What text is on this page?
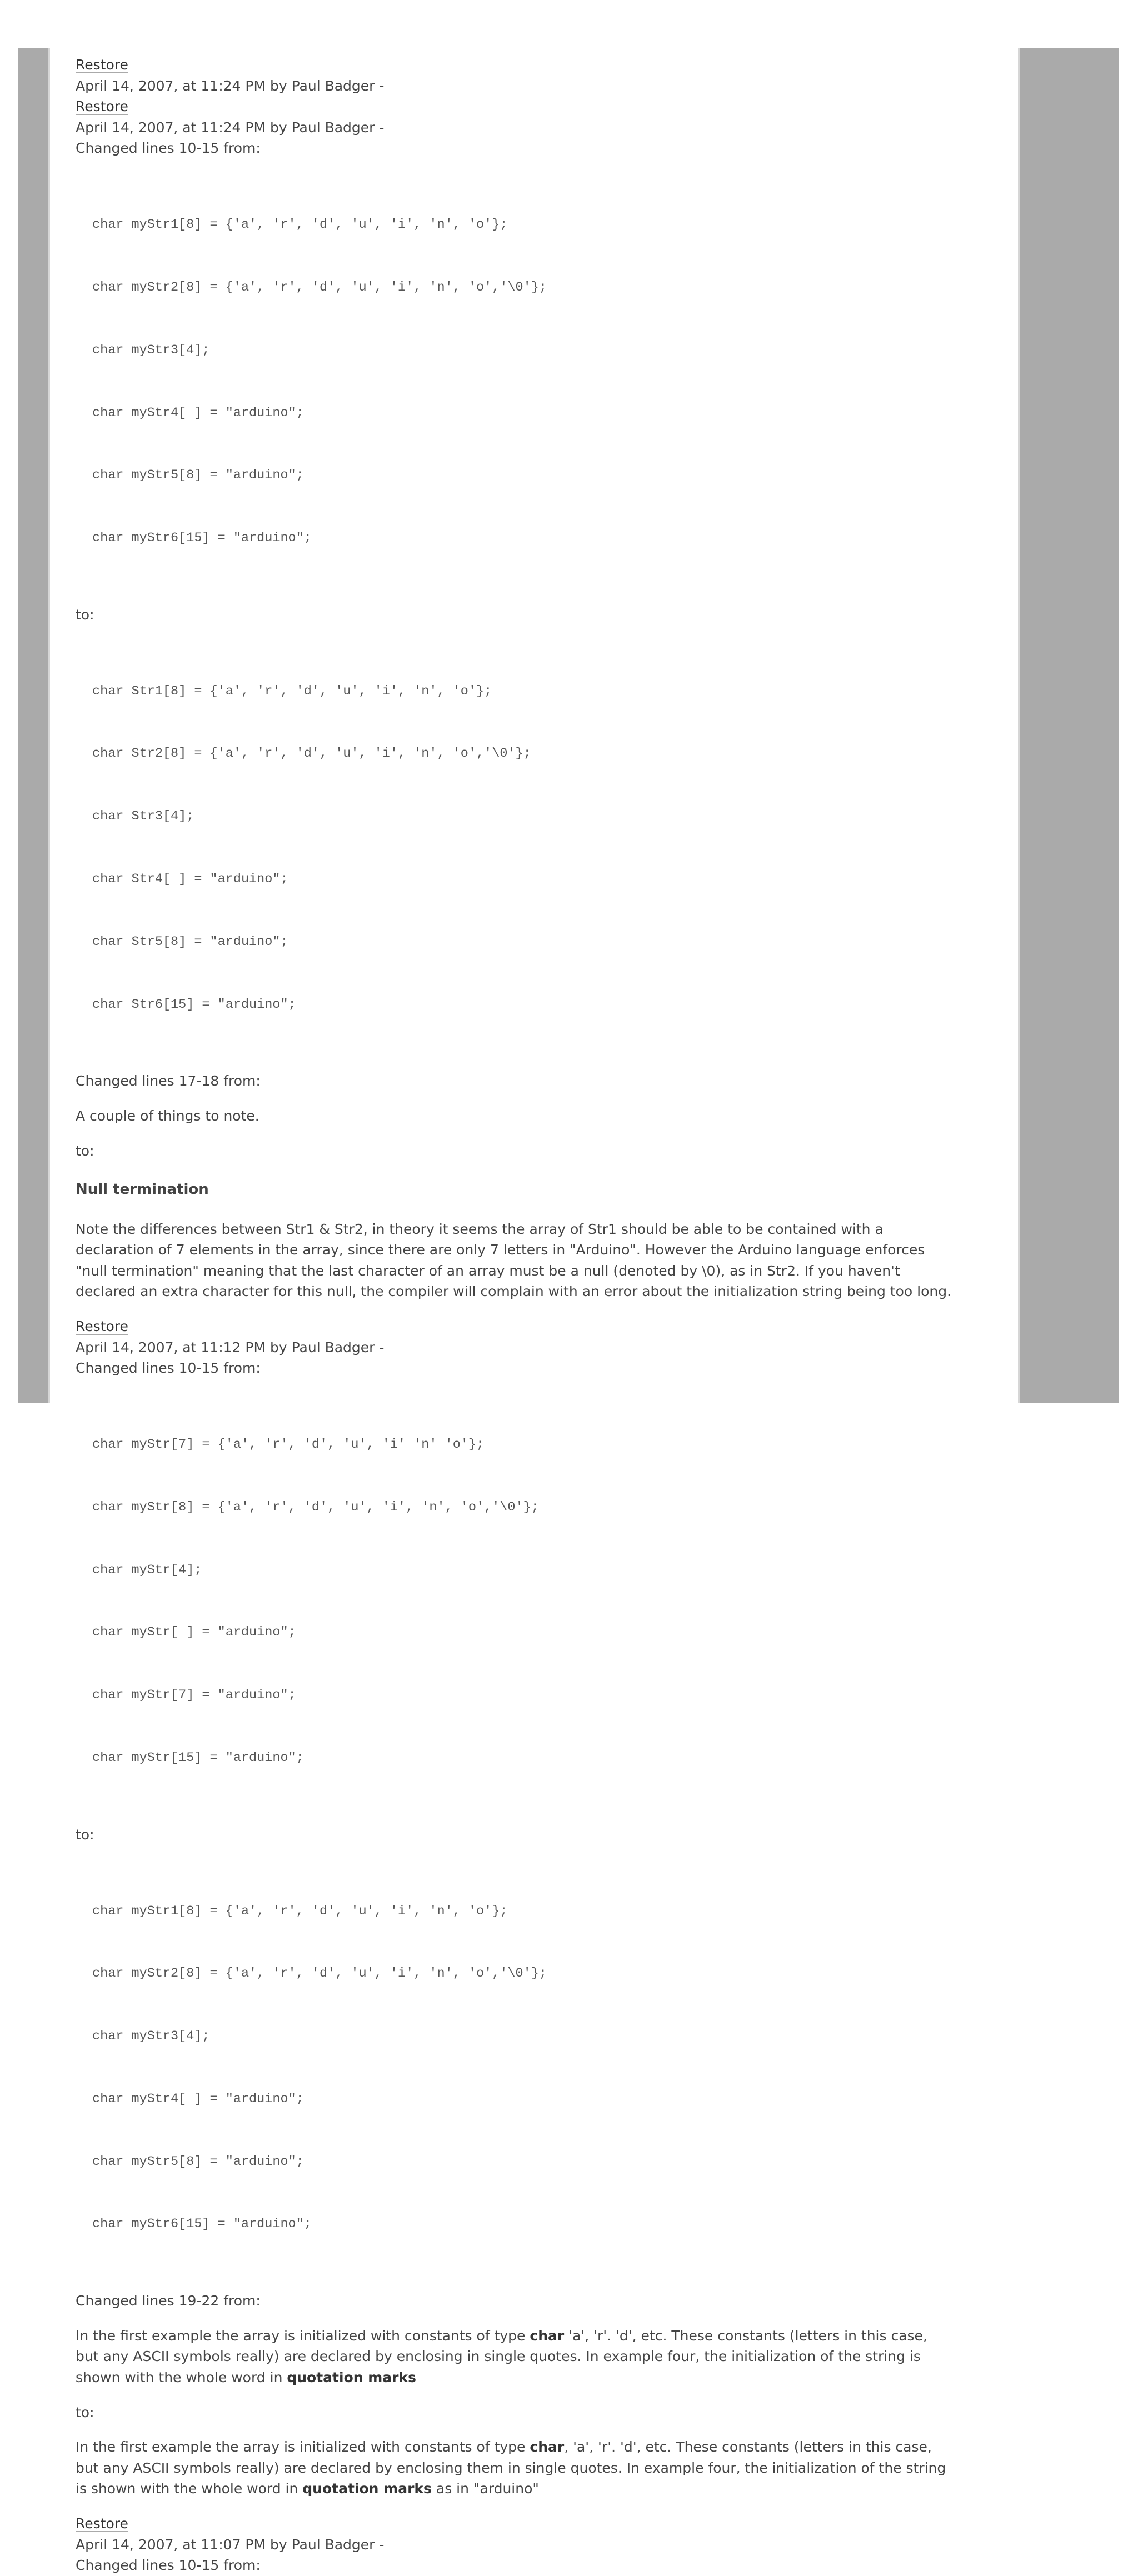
Restore
April 14, 2007, at 11:24 PM by Paul Badger -
Restore
April 14, 2007, at 11:24 PM by Paul Badger -
Changed lines 10-15 from:

char myStr1[8] = {'a', 'r', 'd', 'u', 'i', 'n', 'o'};

char myStr2[8] = {'a', 'r', 'd', 'u', 'i', 'n', 'o','\0'};

char myStr3[4];

char myStr4[ ] = "arduino";

char myStr5[8] = "arduino";

char myStr6[15] = "arduino";

to:

char Str1[8] = {'a', 'r', 'd', 'u', 'i', 'n', 'o'};

char Str2[8] = {'a', 'r', 'd', 'u', 'i', 'n', 'o','\0'};

char Str3[4];

char Str4[ ] = "arduino";

char Str5[8] = "arduino";

char Str6[15] = "arduino";

Changed lines 17-18 from:
A couple of things to note.
to:
Null termination
Note the differences between Str1 & Str2, in theory it seems the array of Str1 should be able to be contained with a
declaration of 7 elements in the array, since there are only 7 letters in "Arduino". However the Arduino language enforces
"null termination" meaning that the last character of an array must be a null (denoted by \0), as in Str2. If you haven't
declared an extra character for this null, the compiler will complain with an error about the initialization string being too long.
Restore
April 14, 2007, at 11:12 PM by Paul Badger -
Changed lines 10-15 from:

char myStr[7] = {'a', 'r', 'd', 'u', 'i' 'n' 'o'};

char myStr[8] = {'a', 'r', 'd', 'u', 'i', 'n', 'o','\0'};

char myStr[4];

char myStr[ ] = "arduino";

char myStr[7] = "arduino";

char myStr[15] = "arduino";

to:

char myStr1[8] = {'a', 'r', 'd', 'u', 'i', 'n', 'o'};

char myStr2[8] = {'a', 'r', 'd', 'u', 'i', 'n', 'o','\0'};

char myStr3[4];

char myStr4[ ] = "arduino";

char myStr5[8] = "arduino";

char myStr6[15] = "arduino";

Changed lines 19-22 from:
In the first example the array is initialized with constants of type char 'a', 'r'. 'd', etc. These constants (letters in this case,
but any ASCII symbols really) are declared by enclosing in single quotes. In example four, the initialization of the string is
shown with the whole word in quotation marks
to:
In the first example the array is initialized with constants of type char, 'a', 'r'. 'd', etc. These constants (letters in this case,
but any ASCII symbols really) are declared by enclosing them in single quotes. In example four, the initialization of the string
is shown with the whole word in quotation marks as in "arduino"
Restore
April 14, 2007, at 11:07 PM by Paul Badger -
Changed lines 10-15 from:
